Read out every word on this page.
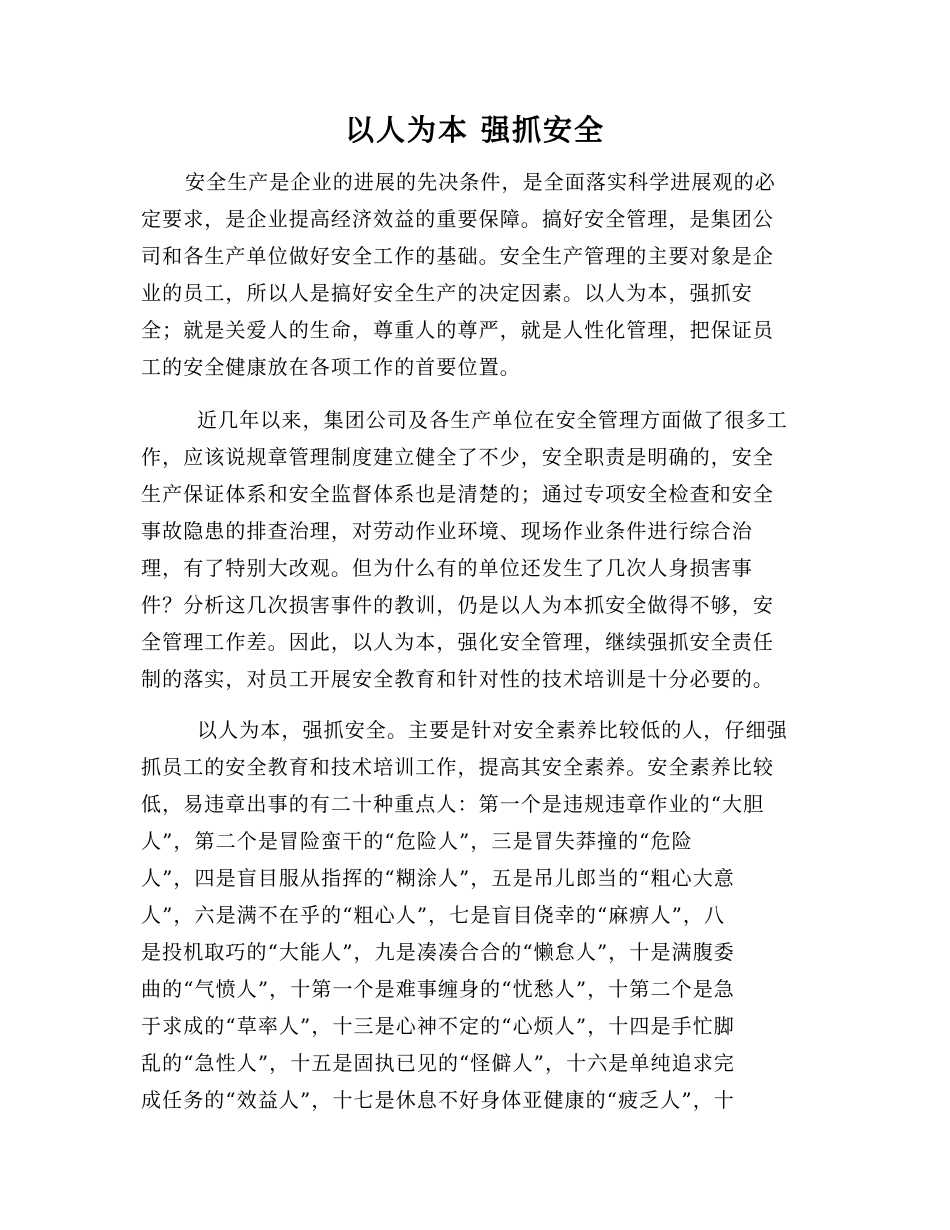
以人为本 强抓安全
安全生产是企业的进展的先决条件，是全面落实科学进展观的必
定要求，是企业提高经济效益的重要保障。搞好安全管理，是集团公
司和各生产单位做好安全工作的基础。安全生产管理的主要对象是企
业的员工，所以人是搞好安全生产的决定因素。以人为本，强抓安
全；就是关爱人的生命，尊重人的尊严，就是人性化管理，把保证员
工的安全健康放在各项工作的首要位置。
近几年以来，集团公司及各生产单位在安全管理方面做了很多工
作，应该说规章管理制度建立健全了不少，安全职责是明确的，安全
生产保证体系和安全监督体系也是清楚的；通过专项安全检查和安全
事故隐患的排查治理，对劳动作业环境、现场作业条件进行综合治
理，有了特别大改观。但为什么有的单位还发生了几次人身损害事
件？分析这几次损害事件的教训，仍是以人为本抓安全做得不够，安
全管理工作差。因此，以人为本，强化安全管理，继续强抓安全责任
制的落实，对员工开展安全教育和针对性的技术培训是十分必要的。
以人为本，强抓安全。主要是针对安全素养比较低的人，仔细强
抓员工的安全教育和技术培训工作，提高其安全素养。安全素养比较
低，易违章出事的有二十种重点人：第一个是违规违章作业的“大胆
人”，第二个是冒险蛮干的“危险人”，三是冒失莽撞的“危险
人”，四是盲目服从指挥的“糊涂人”，五是吊儿郎当的“粗心大意
人”，六是满不在乎的“粗心人”，七是盲目侥幸的“麻痹人”，八
是投机取巧的“大能人”，九是凑凑合合的“懒怠人”，十是满腹委
曲的“气愤人”，十第一个是难事缠身的“忧愁人”，十第二个是急
于求成的“草率人”，十三是心神不定的“心烦人”，十四是手忙脚
乱的“急性人”，十五是固执已见的“怪僻人”，十六是单纯追求完
成任务的“效益人”，十七是休息不好身体亚健康的“疲乏人”，十
